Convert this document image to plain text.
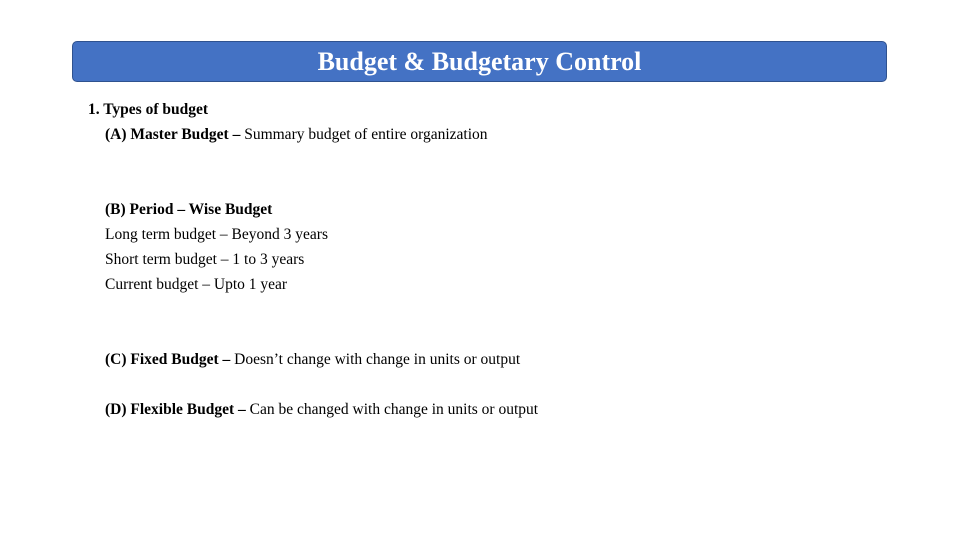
Budget & Budgetary Control
1. Types of budget
(A) Master Budget – Summary budget of entire organization
(B) Period – Wise Budget
Long term budget – Beyond 3 years
Short term budget – 1 to 3 years
Current budget – Upto 1 year
(C) Fixed Budget – Doesn’t change with change in units or output
(D) Flexible Budget – Can be changed with change in units or output
